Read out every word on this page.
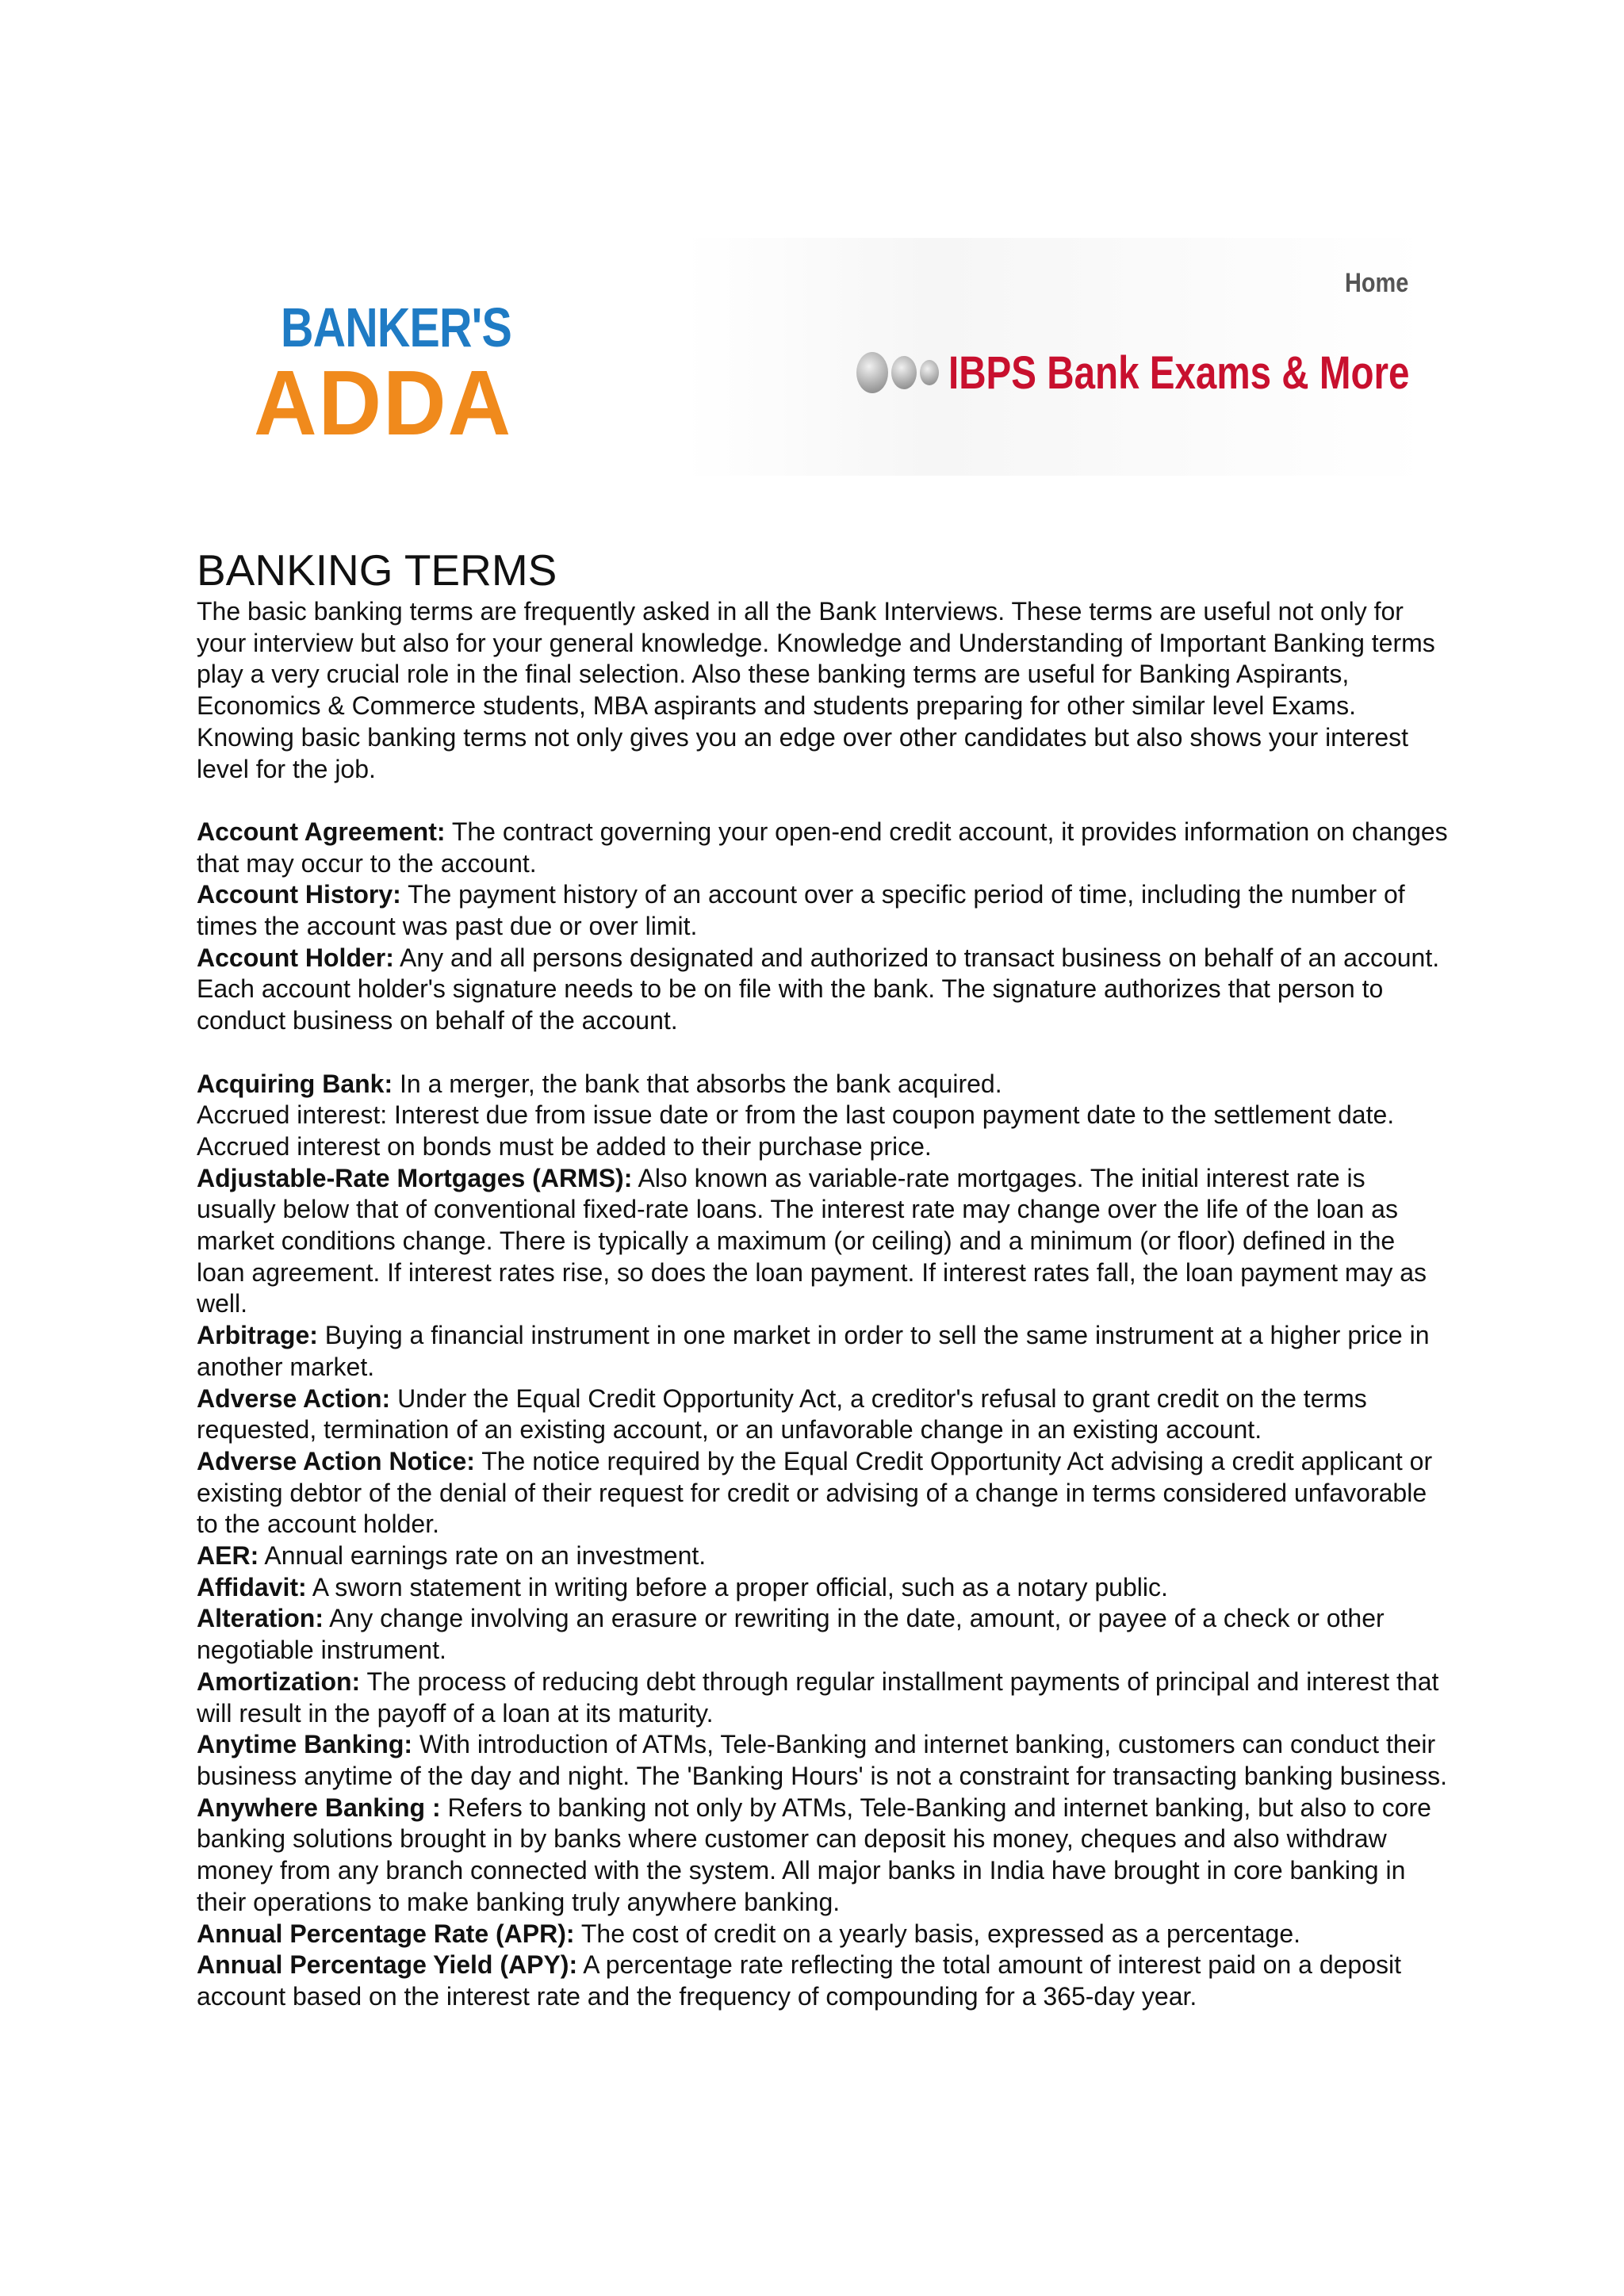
BANKER'S
ADDA
Home
IBPS Bank Exams & More
BANKING TERMS

The basic banking terms are frequently asked in all the Bank Interviews. These terms are useful not only for your interview but also for your general knowledge. Knowledge and Understanding of Important Banking terms play a very crucial role in the final selection. Also these banking terms are useful for Banking Aspirants, Economics & Commerce students, MBA aspirants and students preparing for other similar level Exams.

Knowing basic banking terms not only gives you an edge over other candidates but also shows your interest level for the job.

Account Agreement: The contract governing your open-end credit account, it provides information on changes that may occur to the account.

Account History: The payment history of an account over a specific period of time, including the number of times the account was past due or over limit.

Account Holder: Any and all persons designated and authorized to transact business on behalf of an account. Each account holder's signature needs to be on file with the bank. The signature authorizes that person to conduct business on behalf of the account.

Acquiring Bank: In a merger, the bank that absorbs the bank acquired.

Accrued interest: Interest due from issue date or from the last coupon payment date to the settlement date. Accrued interest on bonds must be added to their purchase price.

Adjustable-Rate Mortgages (ARMS): Also known as variable-rate mortgages. The initial interest rate is usually below that of conventional fixed-rate loans. The interest rate may change over the life of the loan as market conditions change. There is typically a maximum (or ceiling) and a minimum (or floor) defined in the loan agreement. If interest rates rise, so does the loan payment. If interest rates fall, the loan payment may as well.

Arbitrage: Buying a financial instrument in one market in order to sell the same instrument at a higher price in another market.

Adverse Action: Under the Equal Credit Opportunity Act, a creditor's refusal to grant credit on the terms requested, termination of an existing account, or an unfavorable change in an existing account.

Adverse Action Notice: The notice required by the Equal Credit Opportunity Act advising a credit applicant or existing debtor of the denial of their request for credit or advising of a change in terms considered unfavorable to the account holder.

AER: Annual earnings rate on an investment.

Affidavit: A sworn statement in writing before a proper official, such as a notary public.

Alteration: Any change involving an erasure or rewriting in the date, amount, or payee of a check or other negotiable instrument.

Amortization: The process of reducing debt through regular installment payments of principal and interest that will result in the payoff of a loan at its maturity.

Anytime Banking: With introduction of ATMs, Tele-Banking and internet banking, customers can conduct their business anytime of the day and night. The 'Banking Hours' is not a constraint for transacting banking business.

Anywhere Banking : Refers to banking not only by ATMs, Tele-Banking and internet banking, but also to core banking solutions brought in by banks where customer can deposit his money, cheques and also withdraw money from any branch connected with the system. All major banks in India have brought in core banking in their operations to make banking truly anywhere banking.

Annual Percentage Rate (APR): The cost of credit on a yearly basis, expressed as a percentage.

Annual Percentage Yield (APY): A percentage rate reflecting the total amount of interest paid on a deposit account based on the interest rate and the frequency of compounding for a 365-day year.
